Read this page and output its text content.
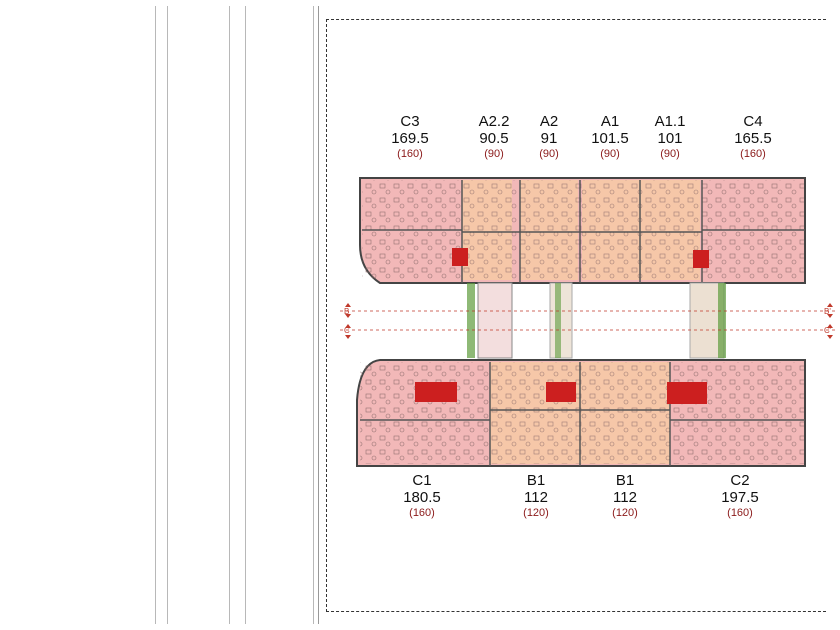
C3
169.5
(160)
A2.2
90.5
(90)
A2
91
(90)
A1
101.5
(90)
A1.1
101
(90)
C4
165.5
(160)
C1
180.5
(160)
B1
112
(120)
B1
112
(120)
C2
197.5
(160)
B
C
B'
C'
